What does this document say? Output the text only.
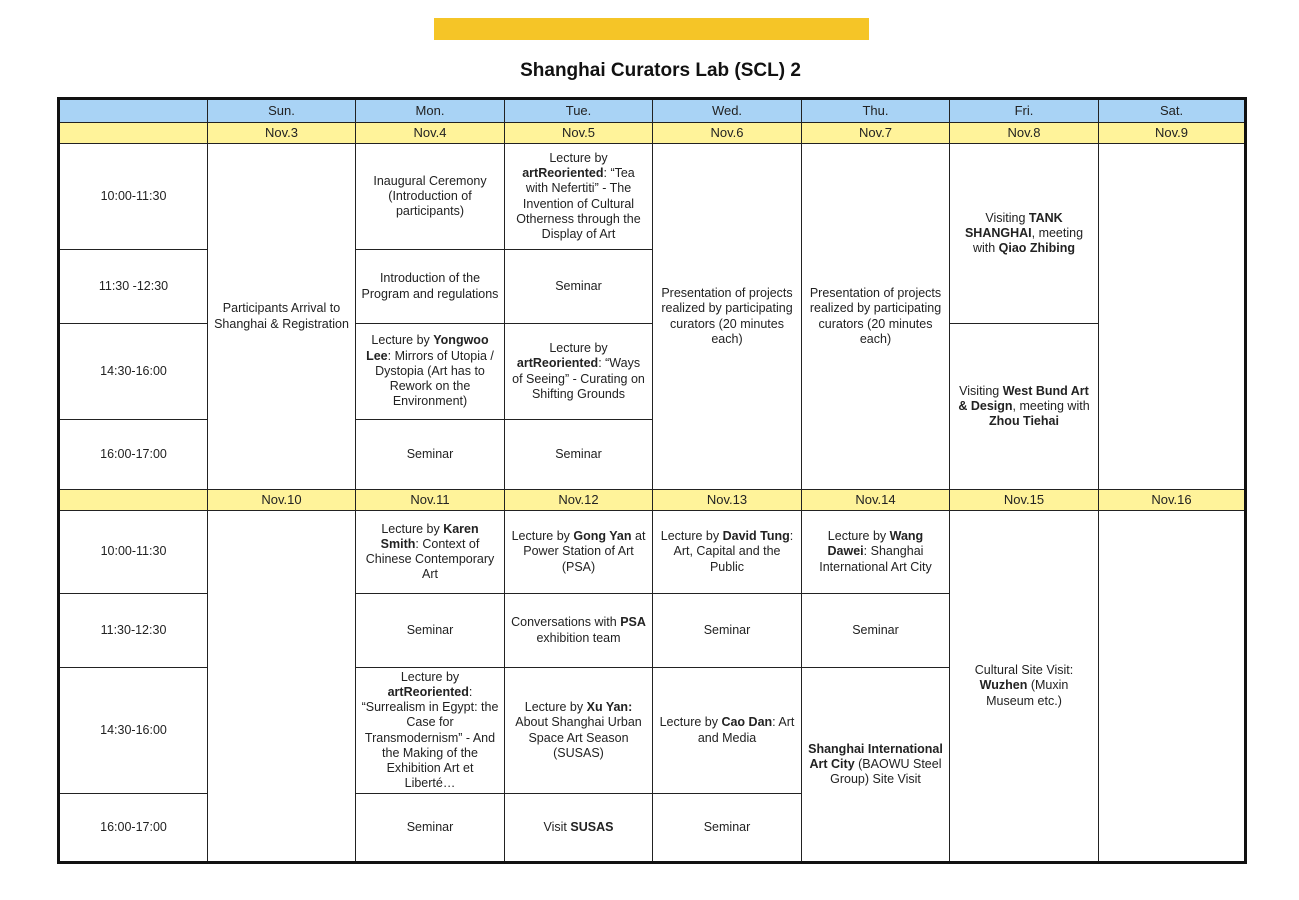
Shanghai Curators Lab (SCL) 2
	Sun.	Mon.	Tue.	Wed.	Thu.	Fri.	Sat.
	Nov.3	Nov.4	Nov.5	Nov.6	Nov.7	Nov.8	Nov.9
10:00-11:30	Participants Arrival to Shanghai & Registration	Inaugural Ceremony (Introduction of participants)	Lecture by artReoriented: “Tea with Nefertiti” - The Invention of Cultural Otherness through the Display of Art	Presentation of projects realized by participating curators (20 minutes each)	Presentation of projects realized by participating curators (20 minutes each)	Visiting TANK SHANGHAI, meeting with Qiao Zhibing	
11:30 -12:30		Introduction of the Program and regulations	Seminar				
14:30-16:00		Lecture by Yongwoo Lee: Mirrors of Utopia / Dystopia (Art has to Rework on the Environment)	Lecture by artReoriented: “Ways of Seeing” - Curating on Shifting Grounds			Visiting West Bund Art & Design, meeting with Zhou Tiehai	
16:00-17:00		Seminar	Seminar				
	Nov.10	Nov.11	Nov.12	Nov.13	Nov.14	Nov.15	Nov.16
10:00-11:30		Lecture by Karen Smith: Context of Chinese Contemporary Art	Lecture by Gong Yan at Power Station of Art (PSA)	Lecture by David Tung: Art, Capital and the Public	Lecture by Wang Dawei: Shanghai International Art City	Cultural Site Visit: Wuzhen (Muxin Museum etc.)	
11:30-12:30		Seminar	Conversations with PSA exhibition team	Seminar	Seminar		
14:30-16:00		Lecture by artReoriented: “Surrealism in Egypt: the Case for Transmodernism” - And the Making of the Exhibition Art et Liberté…	Lecture by Xu Yan: About Shanghai Urban Space Art Season (SUSAS)	Lecture by Cao Dan: Art and Media	Shanghai International Art City (BAOWU Steel Group) Site Visit		
16:00-17:00		Seminar	Visit SUSAS	Seminar			
